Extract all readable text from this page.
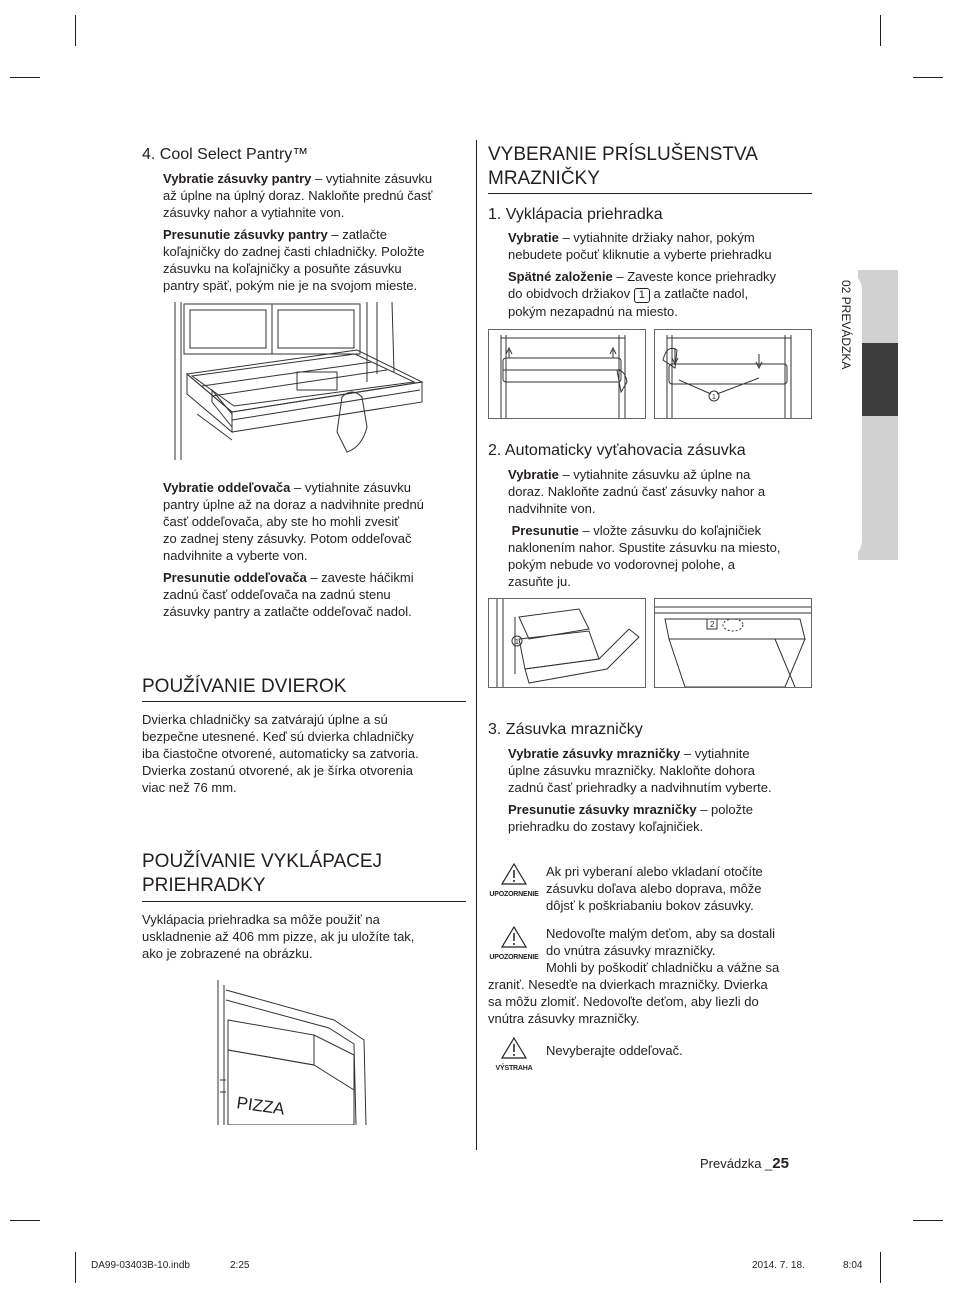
02 PREVÁDZKA
4. Cool Select Pantry™
Vybratie zásuvky pantry – vytiahnite zásuvku
až úplne na úplný doraz. Nakloňte prednú časť
zásuvky nahor a vytiahnite von.
Presunutie zásuvky pantry – zatlačte
koľajničky do zadnej časti chladničky. Položte
zásuvku na koľajničky a posuňte zásuvku
pantry späť, pokým nie je na svojom mieste.
Vybratie oddeľovača – vytiahnite zásuvku
pantry úplne až na doraz a nadvihnite prednú
časť oddeľovača, aby ste ho mohli zvesiť
zo zadnej steny zásuvky. Potom oddeľovač
nadvihnite a vyberte von.
Presunutie oddeľovača – zaveste háčikmi
zadnú časť oddeľovača na zadnú stenu
zásuvky pantry a zatlačte oddeľovač nadol.
POUŽÍVANIE DVIEROK
Dvierka chladničky sa zatvárajú úplne a sú
bezpečne utesnené. Keď sú dvierka chladničky
iba čiastočne otvorené, automaticky sa zatvoria.
Dvierka zostanú otvorené, ak je šírka otvorenia
viac než 76 mm.
POUŽÍVANIE VYKLÁPACEJ
PRIEHRADKY
Vyklápacia priehradka sa môže použiť na
uskladnenie až 406 mm pizze, ak ju uložíte tak,
ako je zobrazené na obrázku.
PIZZA
VYBERANIE PRÍSLUŠENSTVA
MRAZNIČKY
1. Vyklápacia priehradka
Vybratie – vytiahnite držiaky nahor, pokým
nebudete počuť kliknutie a vyberte priehradku
Spätné založenie – Zaveste konce priehradky
do obidvoch držiakov 1 a zatlačte nadol,
pokým nezapadnú na miesto.
1
2. Automaticky vyťahovacia zásuvka
Vybratie – vytiahnite zásuvku až úplne na
doraz. Nakloňte zadnú časť zásuvky nahor a
nadvihnite von.
Presunutie – vložte zásuvku do koľajničiek
naklonením nahor. Spustite zásuvku na miesto,
pokým nebude vo vodorovnej polohe, a
zasuňte ju.
1
2
3. Zásuvka mrazničky
Vybratie zásuvky mrazničky – vytiahnite
úplne zásuvku mrazničky. Nakloňte dohora
zadnú časť priehradky a nadvihnutím vyberte.
Presunutie zásuvky mrazničky – položte
priehradku do zostavy koľajničiek.
UPOZORNENIE
Ak pri vyberaní alebo vkladaní otočíte
zásuvku doľava alebo doprava, môže
dôjsť k poškriabaniu bokov zásuvky.
UPOZORNENIE
Nedovoľte malým deťom, aby sa dostali
do vnútra zásuvky mrazničky.
Mohli by poškodiť chladničku a vážne sa
zraniť. Nesedťe na dvierkach mrazničky. Dvierka
sa môžu zlomiť. Nedovoľte deťom, aby liezli do
vnútra zásuvky mrazničky.
VÝSTRAHA
Nevyberajte oddeľovač.
Prevádzka _25
DA99-03403B-10.indb	2:25	2014. 7. 18.	8:04
